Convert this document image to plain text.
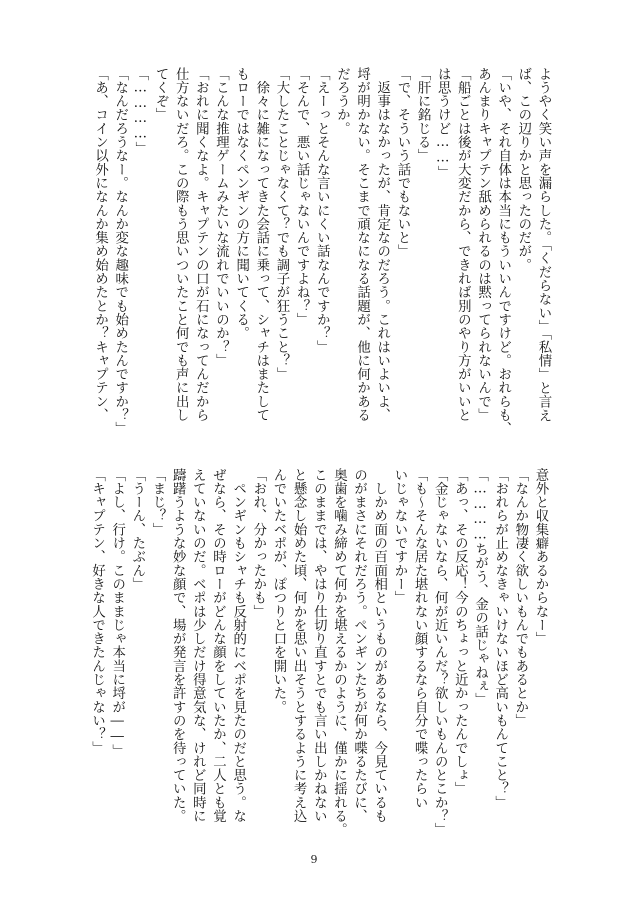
ようやく笑い声を漏らした。「くだらない」「私情」と言え
ば、この辺りかと思ったのだが。
「いや、それ自体は本当にもういいんですけど。おれらも、
あんまりキャプテン舐められるのは黙ってられないんで」
「船ごとは後が大変だから、できれば別のやり方がいいと
は思うけど……」
「肝に銘じる」
「で、そういう話でもないと」
　返事はなかったが、肯定なのだろう。これはいよいよ、
埒が明かない。そこまで頑なになる話題が、他に何かある
だろうか。
「えーっとそんな言いにくい話なんですか？」
「そんで、悪い話じゃないんですよね？」
「大したことじゃなくて？でも調子が狂うこと？」
　徐々に雑になってきた会話に乗って、シャチはまたして
もローではなくペンギンの方に聞いてくる。
「こんな推理ゲームみたいな流れでいいのか？」
「おれに聞くなよ。キャプテンの口が石になってんだから
仕方ないだろ。この際もう思いついたこと何でも声に出し
てくぞ」
「…………」
「なんだろうなー。なんか変な趣味でも始めたんですか？」
「あ、コイン以外になんか集め始めたとか？キャプテン、
意外と収集癖あるからなー」
「なんか物凄く欲しいもんでもあるとか」
「おれらが止めなきゃいけないほど高いもんてこと？」
「…………ちがう、金の話じゃねぇ」
「あっ、その反応！今のちょっと近かったんでしょ」
「金じゃないなら、何が近いんだ？欲しいもんのとこか？」
「も〜そんな居た堪れない顔するなら自分で喋ったらい
いじゃないですかー」
　しかめ面の百面相というものがあるなら、今見ているも
のがまさにそれだろう。ペンギンたちが何か喋るたびに、
奥歯を噛み締めて何かを堪えるかのように、僅かに揺れる。
このままでは、やはり仕切り直すとでも言い出しかねない
と懸念し始めた頃、何かを思い出そうとするように考え込
んでいたベポが、ぽつりと口を開いた。
「おれ、分かったかも」
　ペンギンもシャチも反射的にベポを見たのだと思う。な
ぜなら、その時ローがどんな顔をしていたか、二人とも覚
えていないのだ。ベポは少しだけ得意気な、けれど同時に
躊躇うような妙な顔で、場が発言を許すのを待っていた。
「まじ？」
「うーん、たぶん」
「よし、行け。このままじゃ本当に埒が――」
「キャプテン、好きな人できたんじゃない？」
9
